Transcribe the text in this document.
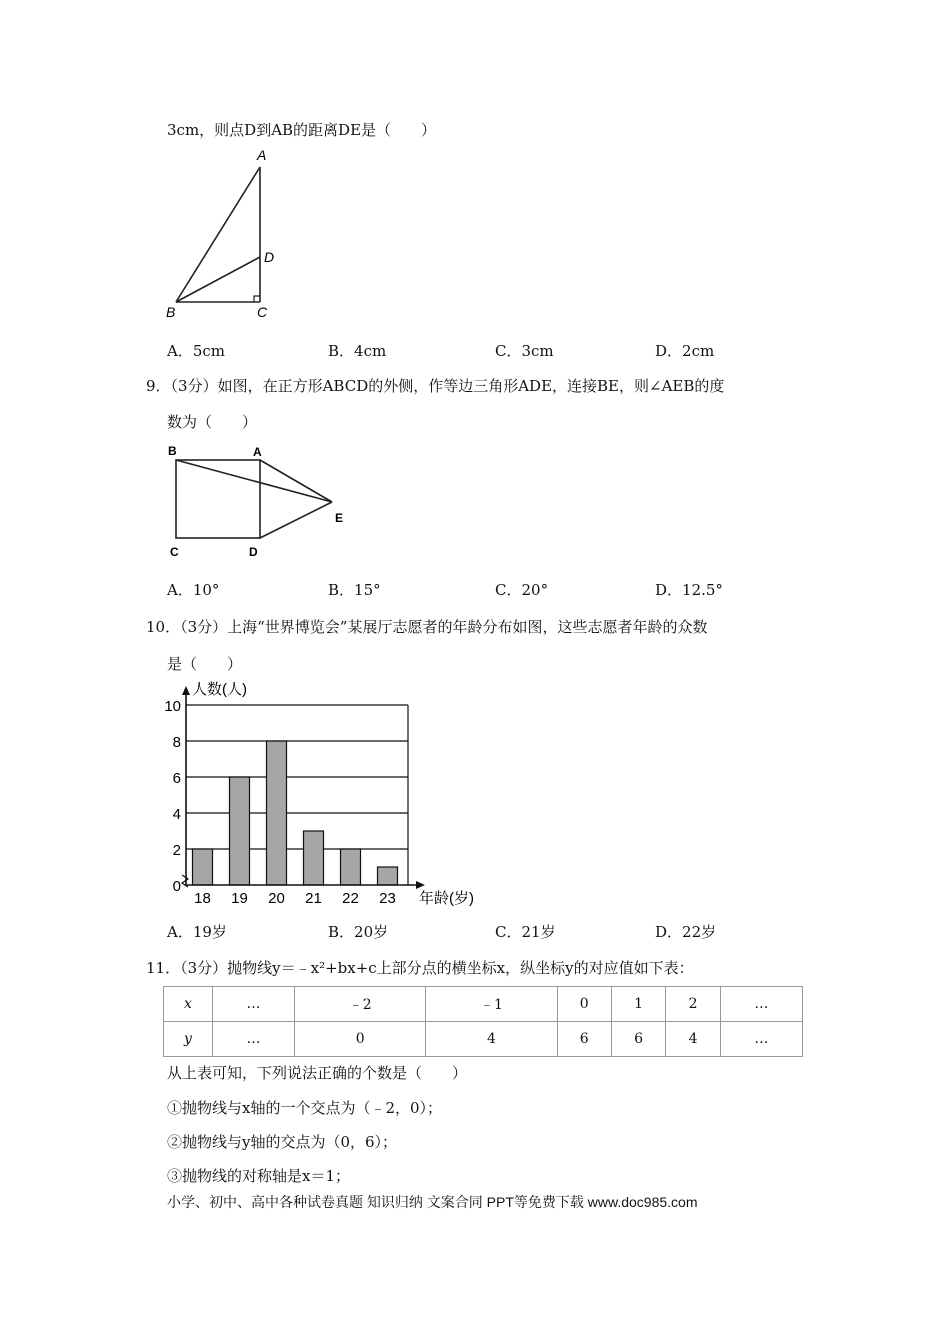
3cm，则点D到AB的距离DE是（　　）
A
D
B	C
A．5cm	B．4cm	C．3cm	D．2cm
9．（3分）如图，在正方形ABCD的外侧，作等边三角形ADE，连接BE，则∠AEB的度
数为（　　）
B	A
E
C	D
A．10°	B．15°	C．20°	D．12.5°
10．（3分）上海“世界博览会”某展厅志愿者的年龄分布如图，这些志愿者年龄的众数
是（　　）
0
2
4
6
8
10
18 19 20 21 22 23
人数(人)
年龄(岁)
A．19岁	B．20岁	C．21岁	D．22岁
11．（3分）抛物线y＝﹣x²+bx+c上部分点的横坐标x，纵坐标y的对应值如下表：
x	…	﹣2	﹣1	0	1	2	…
y	…	0	4	6	6	4	…
从上表可知，下列说法正确的个数是（　　）
①抛物线与x轴的一个交点为（﹣2，0）；
②抛物线与y轴的交点为（0，6）；
③抛物线的对称轴是x＝1；
小学、初中、高中各种试卷真题 知识归纳 文案合同 PPT等免费下载 www.doc985.com
